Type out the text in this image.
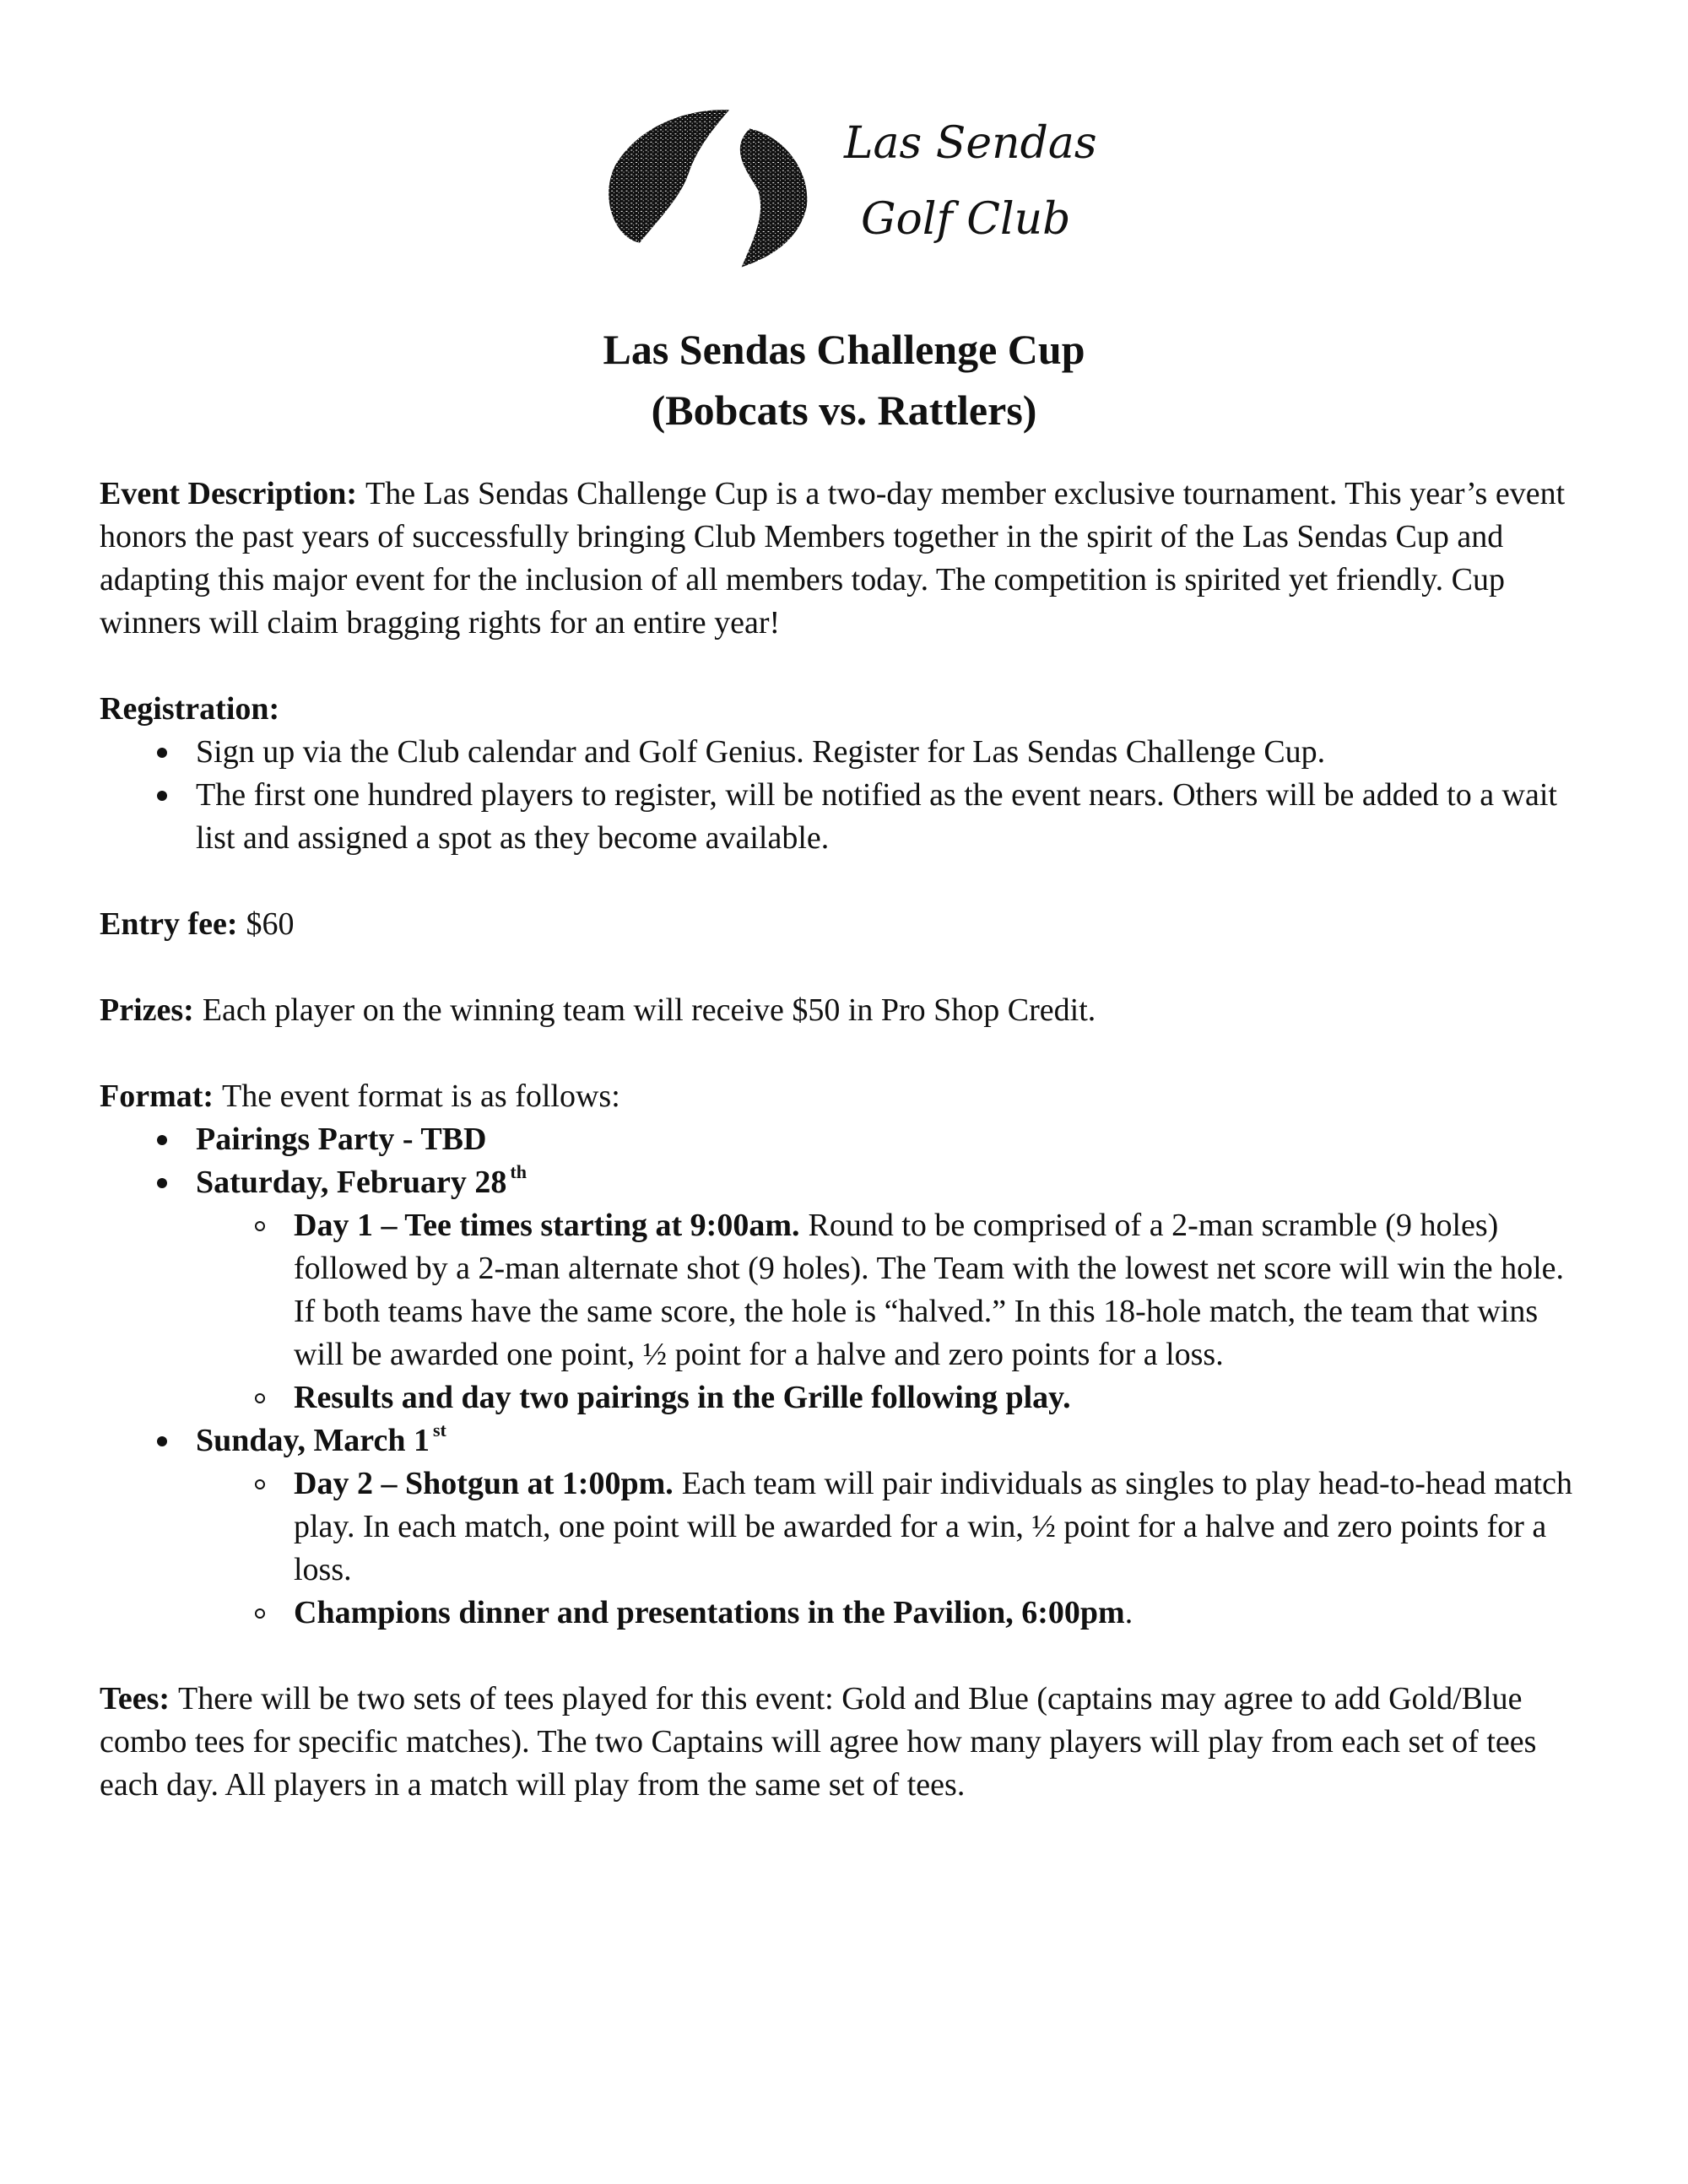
Las Sendas
Golf Club
Las Sendas Challenge Cup
(Bobcats vs. Rattlers)

Event Description: The Las Sendas Challenge Cup is a two-day member exclusive tournament. This year’s event honors the past years of successfully bringing Club Members together in the spirit of the Las Sendas Cup and adapting this major event for the inclusion of all members today. The competition is spirited yet friendly. Cup winners will claim bragging rights for an entire year!

Registration:
Sign up via the Club calendar and Golf Genius. Register for Las Sendas Challenge Cup.
The first one hundred players to register, will be notified as the event nears. Others will be added to a wait list and assigned a spot as they become available.

Entry fee: $60

Prizes: Each player on the winning team will receive $50 in Pro Shop Credit.

Format: The event format is as follows:
Pairings Party - TBD
Saturday, February 28 th
Day 1 – Tee times starting at 9:00am. Round to be comprised of a 2-man scramble (9 holes) followed by a 2-man alternate shot (9 holes). The Team with the lowest net score will win the hole. If both teams have the same score, the hole is “halved.” In this 18-hole match, the team that wins will be awarded one point, ½ point for a halve and zero points for a loss.
Results and day two pairings in the Grille following play.
Sunday, March 1 st
Day 2 – Shotgun at 1:00pm. Each team will pair individuals as singles to play head-to-head match play. In each match, one point will be awarded for a win, ½ point for a halve and zero points for a loss.
Champions dinner and presentations in the Pavilion, 6:00pm.

Tees: There will be two sets of tees played for this event: Gold and Blue (captains may agree to add Gold/Blue combo tees for specific matches). The two Captains will agree how many players will play from each set of tees each day. All players in a match will play from the same set of tees.
